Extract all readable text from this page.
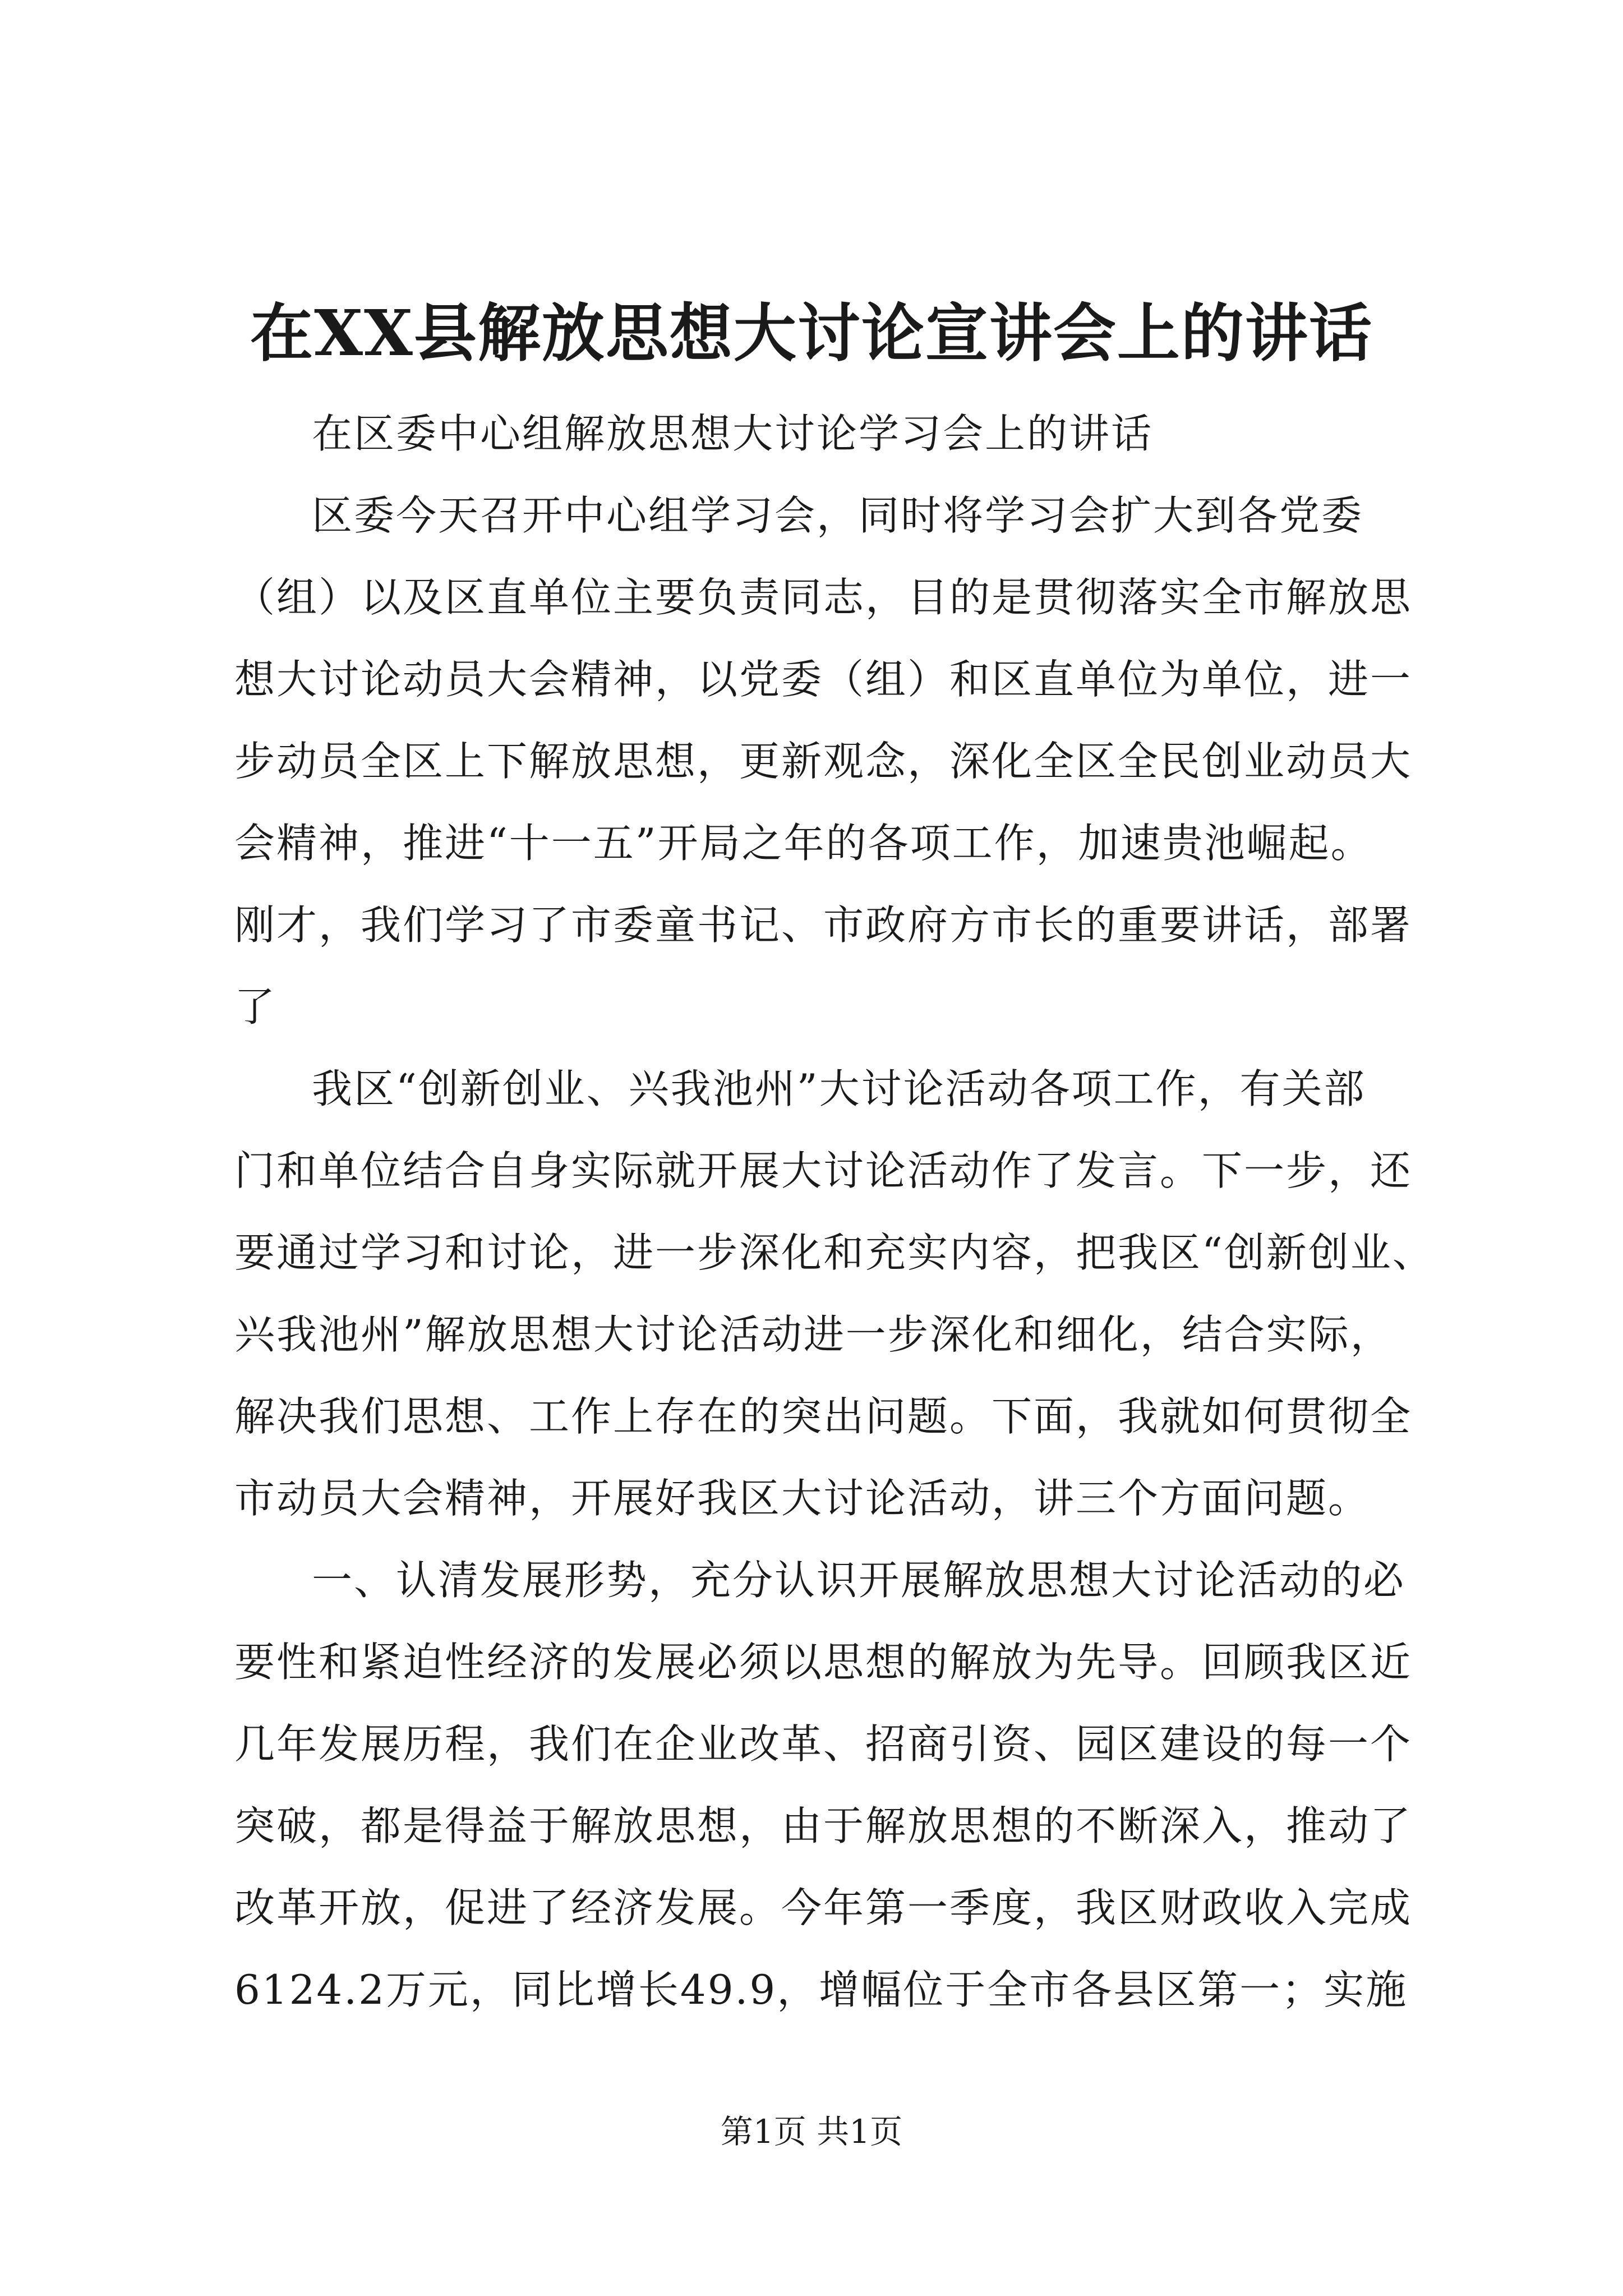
在XX县解放思想大讨论宣讲会上的讲话
在区委中心组解放思想大讨论学习会上的讲话
区委今天召开中心组学习会，同时将学习会扩大到各党委
（组）以及区直单位主要负责同志，目的是贯彻落实全市解放思
想大讨论动员大会精神，以党委（组）和区直单位为单位，进一
步动员全区上下解放思想，更新观念，深化全区全民创业动员大
会精神，推进“十一五”开局之年的各项工作，加速贵池崛起。
刚才，我们学习了市委童书记、市政府方市长的重要讲话，部署
了
我区“创新创业、兴我池州”大讨论活动各项工作，有关部
门和单位结合自身实际就开展大讨论活动作了发言。下一步，还
要通过学习和讨论，进一步深化和充实内容，把我区“创新创业、
兴我池州”解放思想大讨论活动进一步深化和细化，结合实际，
解决我们思想、工作上存在的突出问题。下面，我就如何贯彻全
市动员大会精神，开展好我区大讨论活动，讲三个方面问题。
一、认清发展形势，充分认识开展解放思想大讨论活动的必
要性和紧迫性经济的发展必须以思想的解放为先导。回顾我区近
几年发展历程，我们在企业改革、招商引资、园区建设的每一个
突破，都是得益于解放思想，由于解放思想的不断深入，推动了
改革开放，促进了经济发展。今年第一季度，我区财政收入完成
6124.2万元，同比增长49.9，增幅位于全市各县区第一；实施
第1页 共1页
